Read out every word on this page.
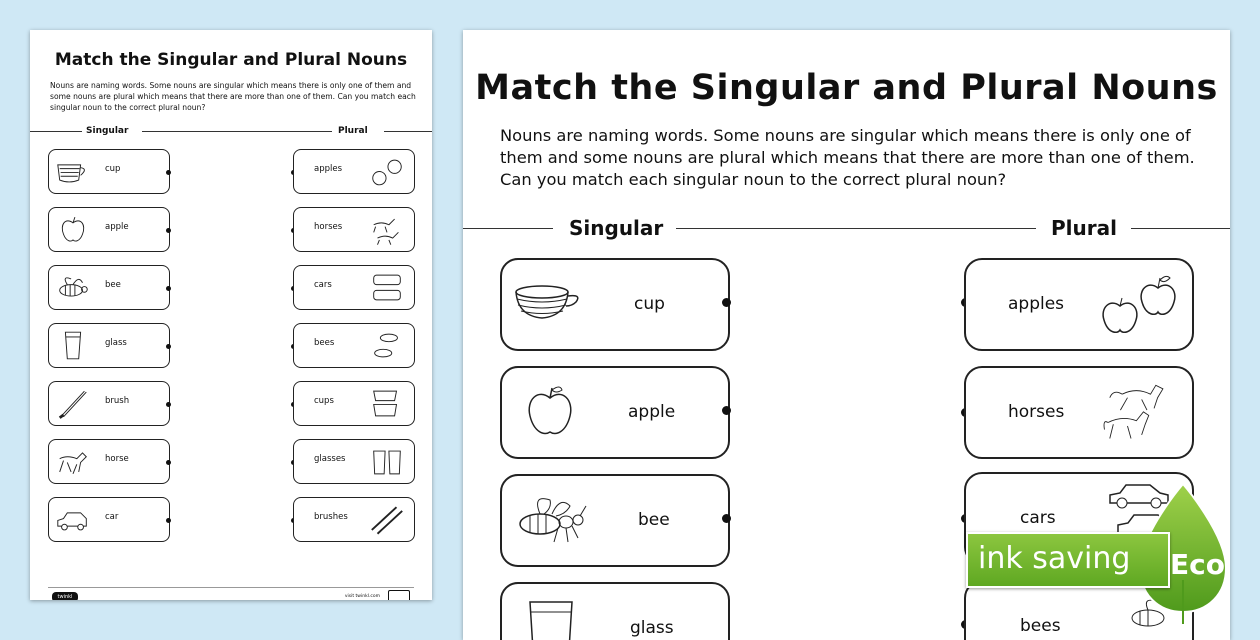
Match the Singular and Plural Nouns
Nouns are naming words. Some nouns are singular which means there is only one of them and some nouns are plural which means that there are more than one of them. Can you match each singular noun to the correct plural noun?
Singular	Plural
cup
apple
bee
glass
brush
horse
car
apples
horses
cars
bees
cups
glasses
brushes
twinkl	visit twinkl.com
Match the Singular and Plural Nouns
Nouns are naming words. Some nouns are singular which means there is only one of them and some nouns are plural which means that there are more than one of them. Can you match each singular noun to the correct plural noun?
Singular	Plural
cup
apple
bee
glass
apples
horses
cars
bees
ink saving Eco
